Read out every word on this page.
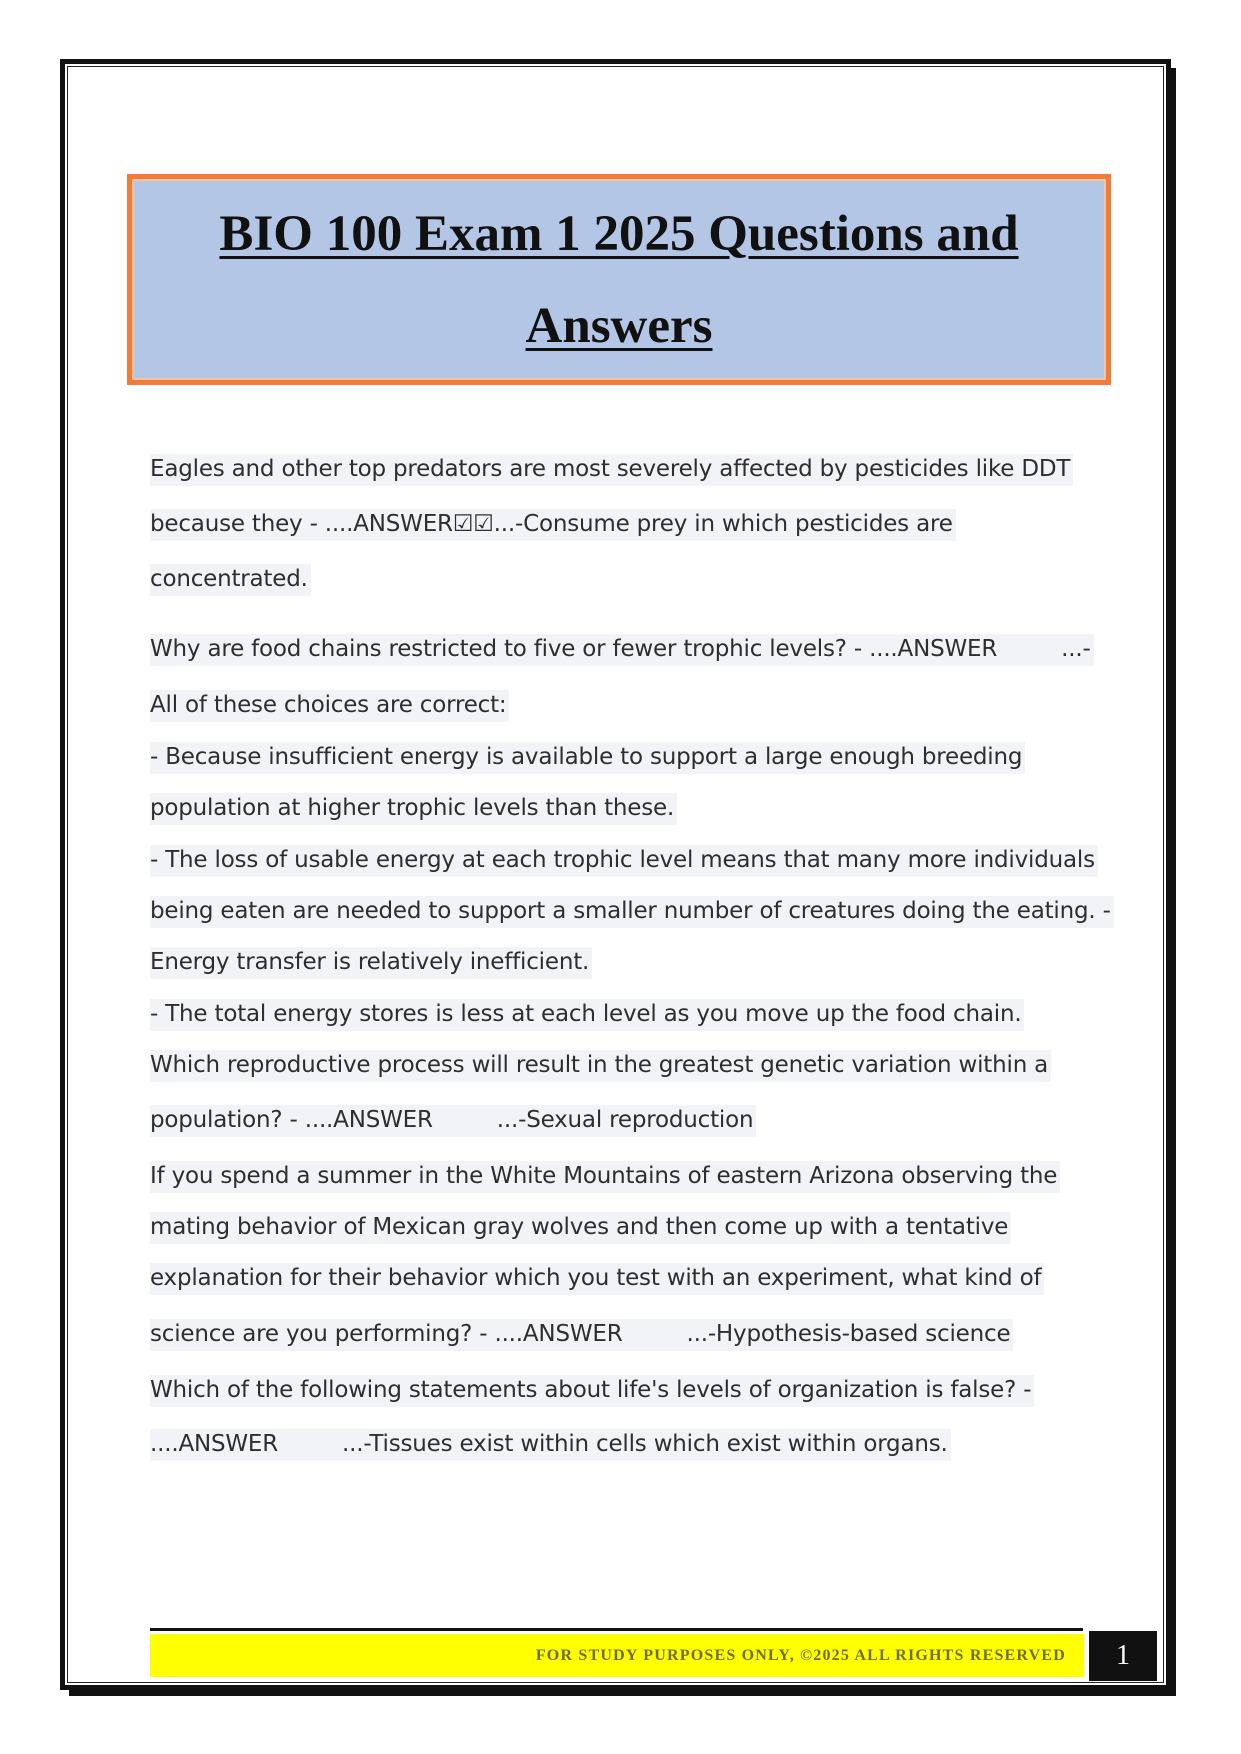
BIO 100 Exam 1 2025 Questions and Answers
Eagles and other top predators are most severely affected by pesticides like DDT
because they - ....ANSWER☑☑...-Consume prey in which pesticides are
concentrated.
Why are food chains restricted to five or fewer trophic levels? - ....ANSWER	...-
All of these choices are correct:
- Because insufficient energy is available to support a large enough breeding
population at higher trophic levels than these.
- The loss of usable energy at each trophic level means that many more individuals
being eaten are needed to support a smaller number of creatures doing the eating. -
Energy transfer is relatively inefficient.
- The total energy stores is less at each level as you move up the food chain.
Which reproductive process will result in the greatest genetic variation within a
population? - ....ANSWER	...-Sexual reproduction
If you spend a summer in the White Mountains of eastern Arizona observing the
mating behavior of Mexican gray wolves and then come up with a tentative
explanation for their behavior which you test with an experiment, what kind of
science are you performing? - ....ANSWER	...-Hypothesis-based science
Which of the following statements about life's levels of organization is false? -
....ANSWER	...-Tissues exist within cells which exist within organs.
FOR STUDY PURPOSES ONLY, ©2025 ALL RIGHTS RESERVED	1
